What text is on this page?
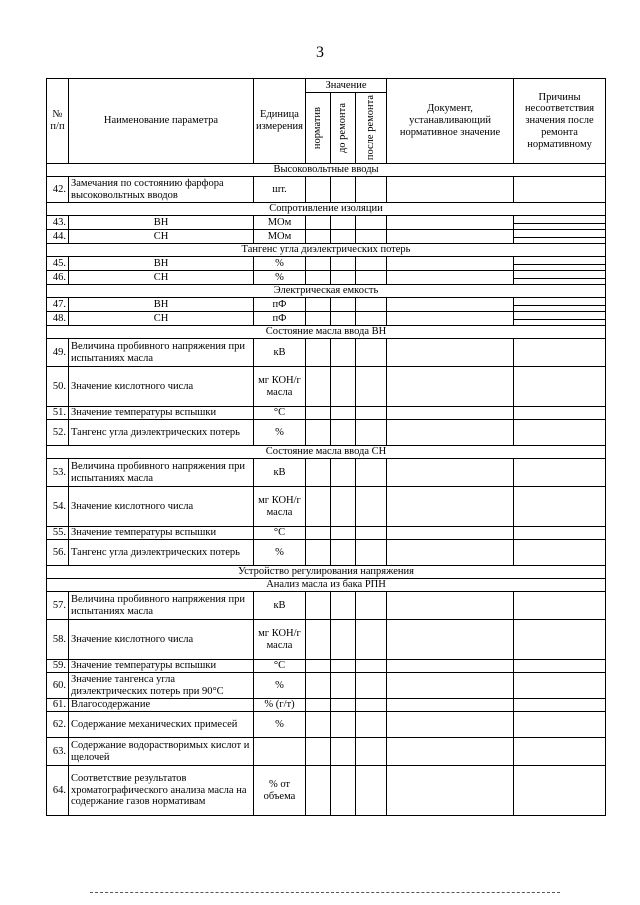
3
№ п/п	Наименование параметра	Единица измерения	Значение			Документ, устанавливающий нормативное значение	Причины несоответствия значения после ремонта нормативному

			норматив	до ремонта	после ремонта		

Высоковольтные вводы							
42.	Замечания по состоянию фарфора высоковольтных вводов	шт.					
Сопротивление изоляции							
43.	ВН	МОм					

44.	СН	МОм					

Тангенс угла диэлектрических потерь							
45.	ВН	%					

46.	СН	%					

Электрическая емкость							
47.	ВН	пФ					

48.	СН	пФ					

Состояние масла ввода ВН							
49.	Величина пробивного напряжения при испытаниях масла	кВ					
50.	Значение кислотного числа	мг КОН/г масла					
51.	Значение температуры вспышки	°С					
52.	Тангенс угла диэлектрических потерь	%					
Состояние масла ввода СН							
53.	Величина пробивного напряжения при испытаниях масла	кВ					
54.	Значение кислотного числа	мг КОН/г масла					
55.	Значение температуры вспышки	°С					
56.	Тангенс угла диэлектрических потерь	%					
Устройство регулирования напряжения							
Анализ масла из бака РПН							
57.	Величина пробивного напряжения при испытаниях масла	кВ					
58.	Значение кислотного числа	мг КОН/г масла					
59.	Значение температуры вспышки	°С					
60.	Значение тангенса угла диэлектрических потерь при 90°С	%					
61.	Влагосодержание	% (г/т)					
62.	Содержание механических примесей	%					
63.	Содержание водорастворимых кислот и щелочей						
64.	Соответствие результатов хроматографического анализа масла на содержание газов нормативам	% от объема					
